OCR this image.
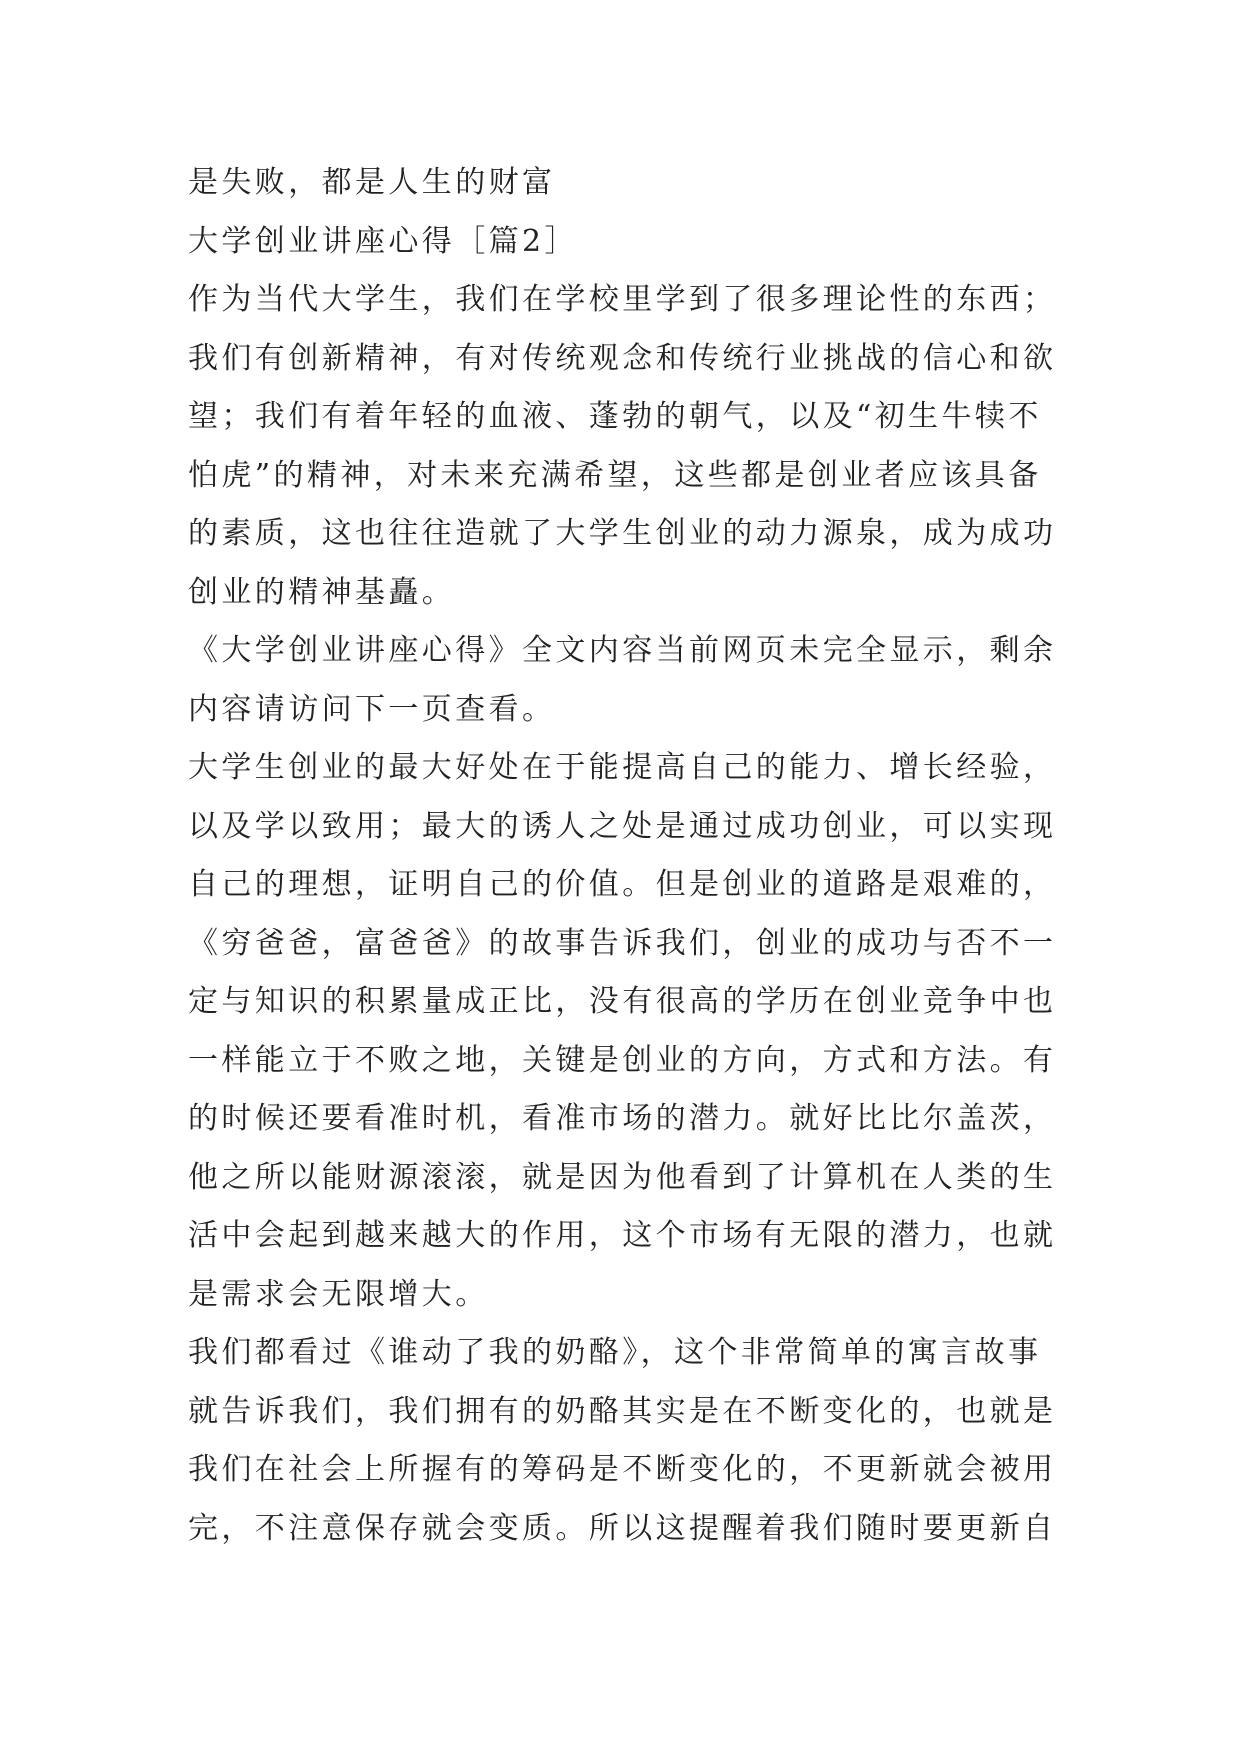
是失败，都是人生的财富
大学创业讲座心得［篇2］
作为当代大学生，我们在学校里学到了很多理论性的东西；
我们有创新精神，有对传统观念和传统行业挑战的信心和欲
望；我们有着年轻的血液、蓬勃的朝气，以及“初生牛犊不
怕虎”的精神，对未来充满希望，这些都是创业者应该具备
的素质，这也往往造就了大学生创业的动力源泉，成为成功
创业的精神基矗。
《大学创业讲座心得》全文内容当前网页未完全显示，剩余
内容请访问下一页查看。
大学生创业的最大好处在于能提高自己的能力、增长经验，
以及学以致用；最大的诱人之处是通过成功创业，可以实现
自己的理想，证明自己的价值。但是创业的道路是艰难的，
《穷爸爸，富爸爸》的故事告诉我们，创业的成功与否不一
定与知识的积累量成正比，没有很高的学历在创业竞争中也
一样能立于不败之地，关键是创业的方向，方式和方法。有
的时候还要看准时机，看准市场的潜力。就好比比尔盖茨，
他之所以能财源滚滚，就是因为他看到了计算机在人类的生
活中会起到越来越大的作用，这个市场有无限的潜力，也就
是需求会无限增大。
我们都看过《谁动了我的奶酪》，这个非常简单的寓言故事
就告诉我们，我们拥有的奶酪其实是在不断变化的，也就是
我们在社会上所握有的筹码是不断变化的，不更新就会被用
完，不注意保存就会变质。所以这提醒着我们随时要更新自
